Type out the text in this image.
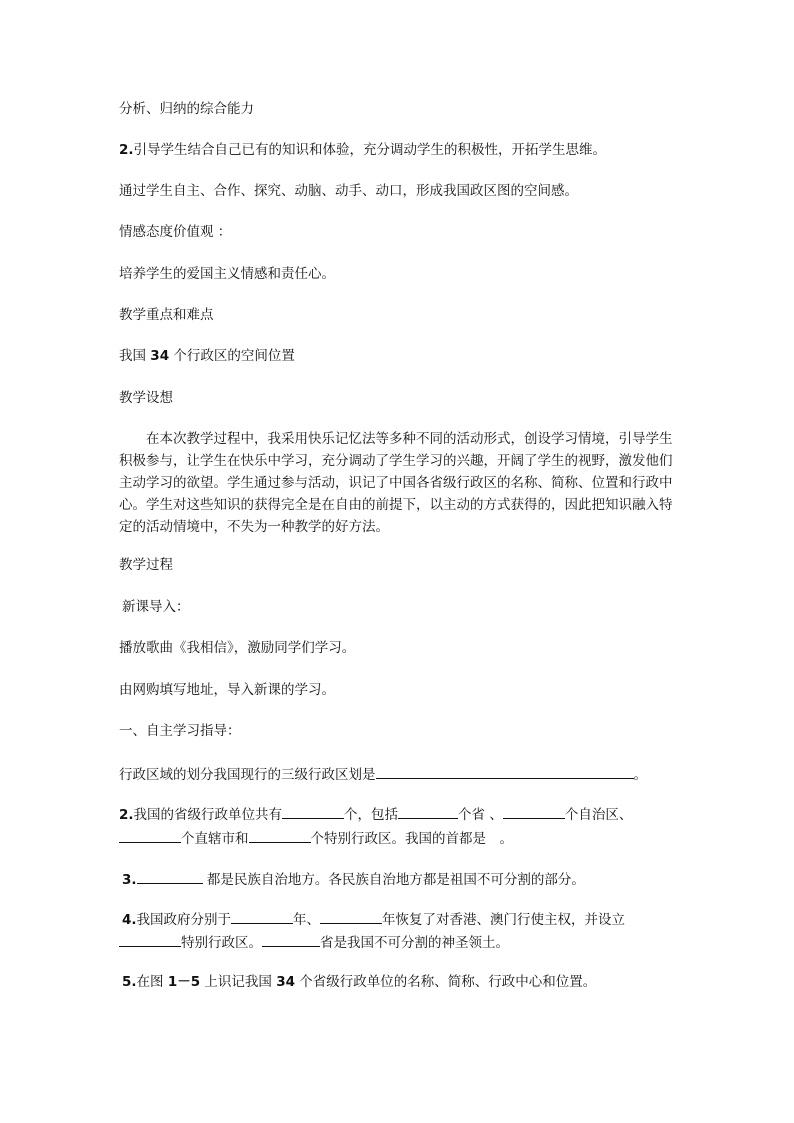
分析、归纳的综合能力
2.引导学生结合自己已有的知识和体验，充分调动学生的积极性，开拓学生思维。
通过学生自主、合作、探究、动脑、动手、动口，形成我国政区图的空间感。
情感态度价值观 ：
培养学生的爱国主义情感和责任心。
教学重点和难点
我国 34 个行政区的空间位置
教学设想
在本次教学过程中，我采用快乐记忆法等多种不同的活动形式，创设学习情境，引导学生积极参与，让学生在快乐中学习，充分调动了学生学习的兴趣，开阔了学生的视野，激发他们主动学习的欲望。学生通过参与活动，识记了中国各省级行政区的名称、简称、位置和行政中心。学生对这些知识的获得完全是在自由的前提下，以主动的方式获得的，因此把知识融入特定的活动情境中，不失为一种教学的好方法。
教学过程
新课导入：
播放歌曲《我相信》，激励同学们学习。
由网购填写地址，导入新课的学习。
一、自主学习指导：
行政区域的划分我国现行的三级行政区划是	。
2.我国的省级行政单位共有	个，包括	个省 、	个自治区、
个直辖市和	个特别行政区。我国的首都是　。
3.	都是民族自治地方。各民族自治地方都是祖国不可分割的部分。
4.我国政府分别于	年、	年恢复了对香港、澳门行使主权，并设立
特别行政区。	省是我国不可分割的神圣领土。
5.在图 1－5 上识记我国 34 个省级行政单位的名称、简称、行政中心和位置。
